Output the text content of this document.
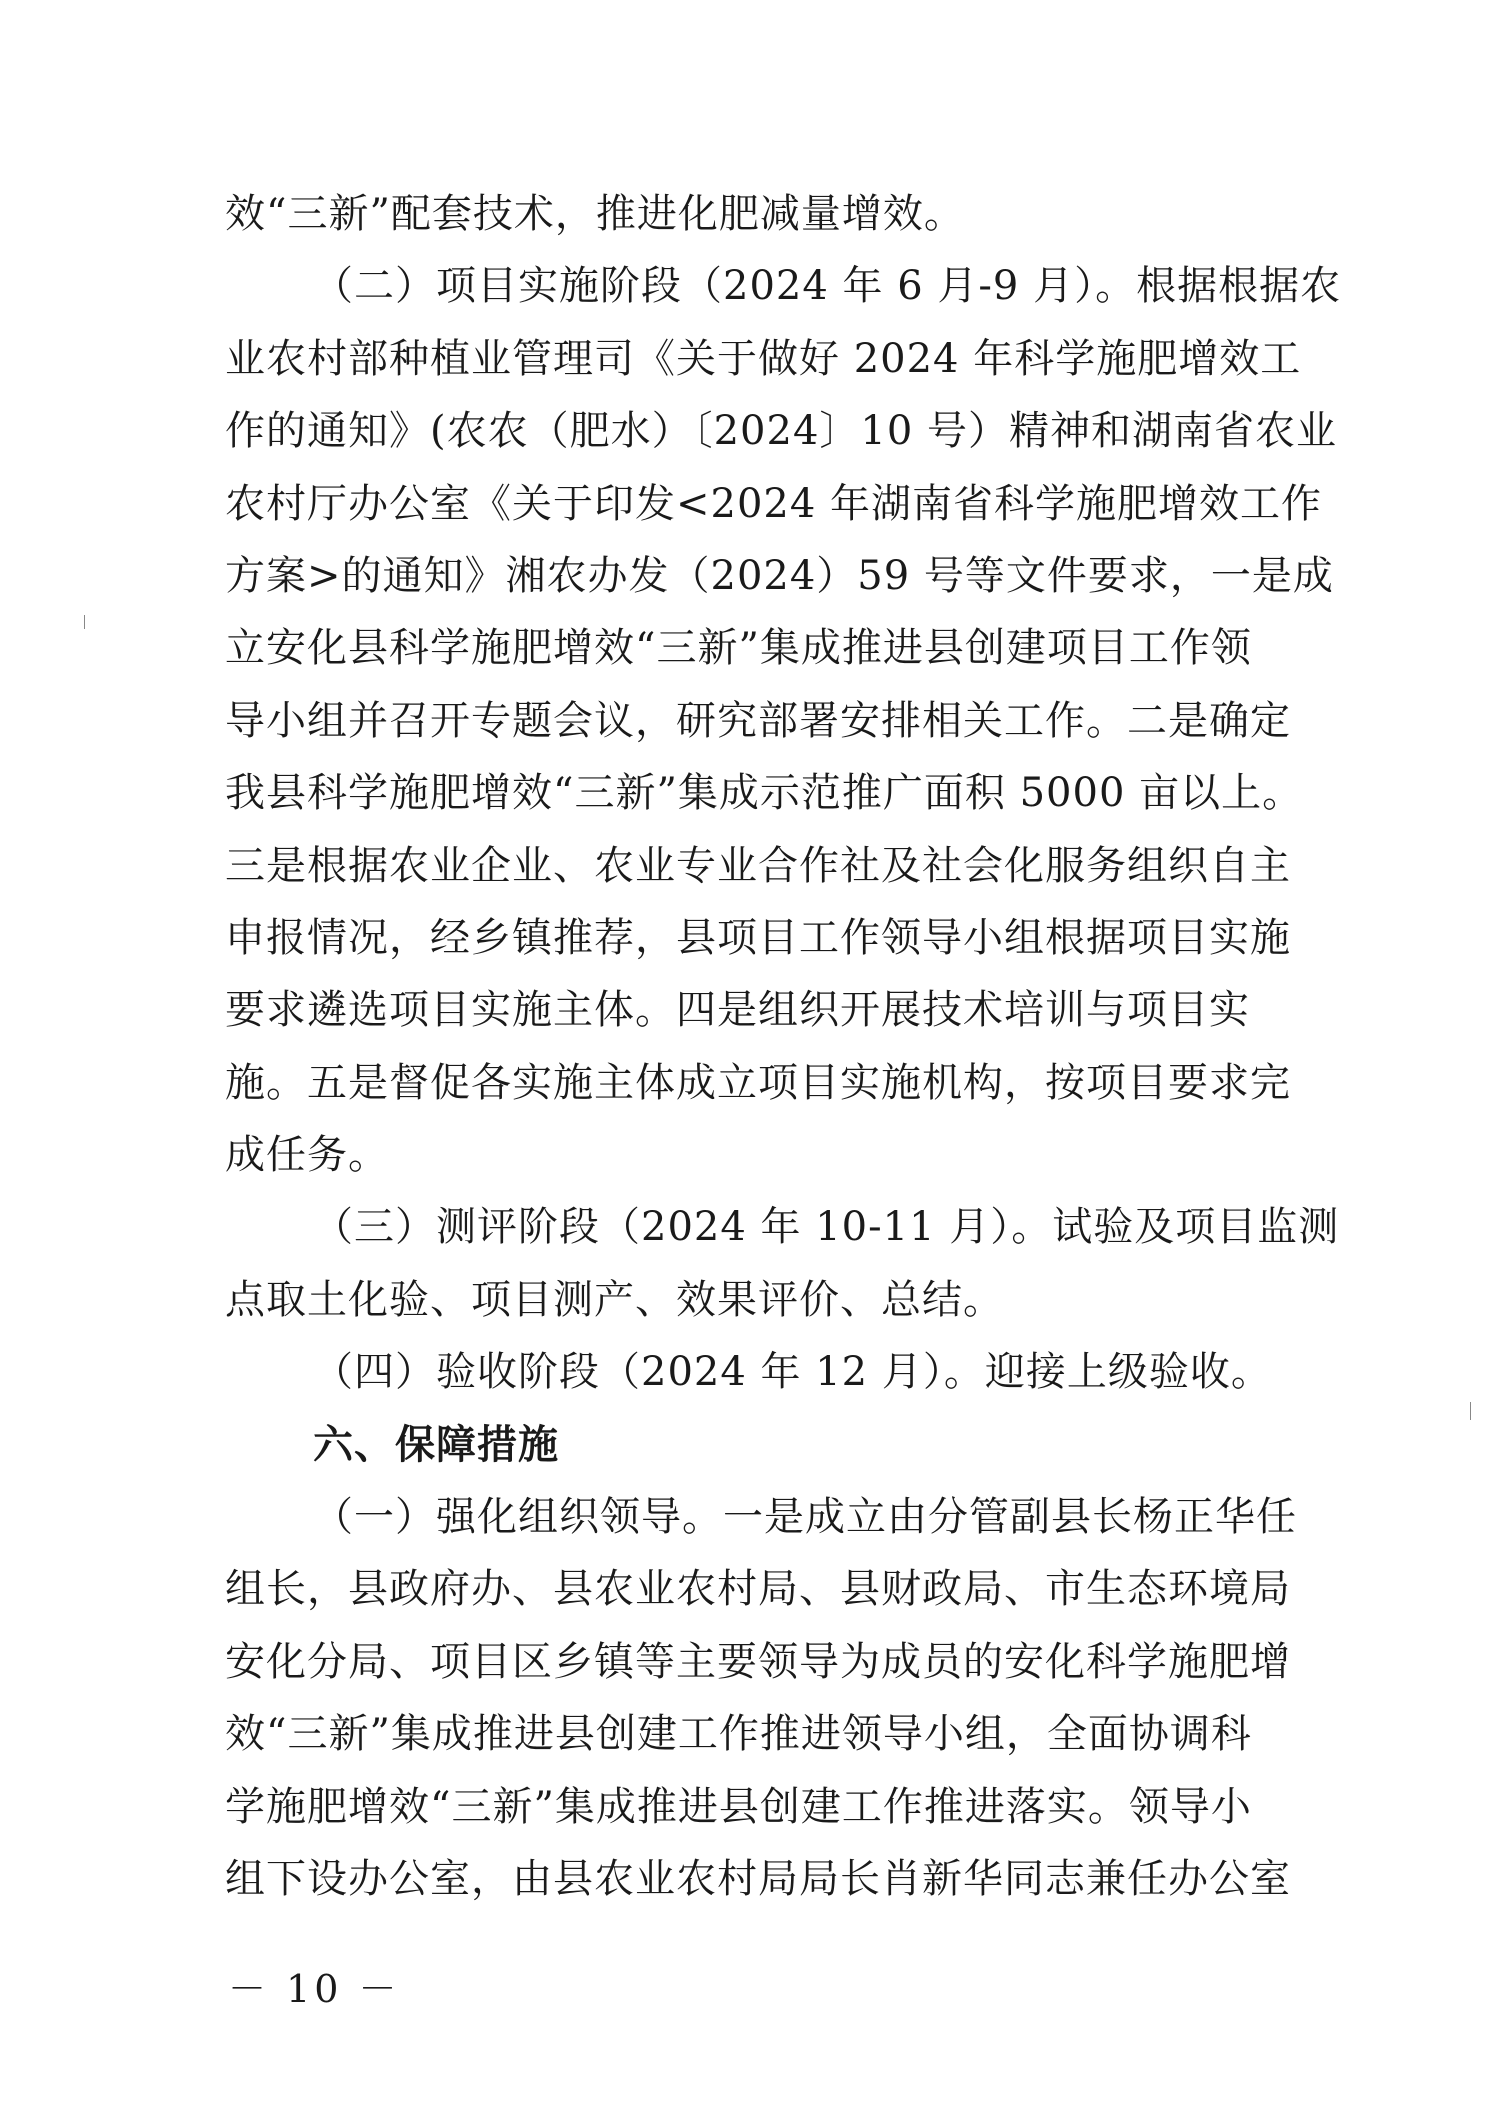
效“三新”配套技术，推进化肥减量增效。
（二）项目实施阶段（2024 年 6 月-9 月）。根据根据农
业农村部种植业管理司《关于做好 2024 年科学施肥增效工
作的通知》(农农（肥水）〔2024〕10 号）精神和湖南省农业
农村厅办公室《关于印发<2024 年湖南省科学施肥增效工作
方案>的通知》湘农办发（2024）59 号等文件要求，一是成
立安化县科学施肥增效“三新”集成推进县创建项目工作领
导小组并召开专题会议，研究部署安排相关工作。二是确定
我县科学施肥增效“三新”集成示范推广面积 5000 亩以上。
三是根据农业企业、农业专业合作社及社会化服务组织自主
申报情况，经乡镇推荐，县项目工作领导小组根据项目实施
要求遴选项目实施主体。四是组织开展技术培训与项目实
施。五是督促各实施主体成立项目实施机构，按项目要求完
成任务。
（三）测评阶段（2024 年 10-11 月）。试验及项目监测
点取土化验、项目测产、效果评价、总结。
（四）验收阶段（2024 年 12 月）。迎接上级验收。
六、保障措施
（一）强化组织领导。一是成立由分管副县长杨正华任
组长，县政府办、县农业农村局、县财政局、市生态环境局
安化分局、项目区乡镇等主要领导为成员的安化科学施肥增
效“三新”集成推进县创建工作推进领导小组，全面协调科
学施肥增效“三新”集成推进县创建工作推进落实。领导小
组下设办公室，由县农业农村局局长肖新华同志兼任办公室
－ 10 －
